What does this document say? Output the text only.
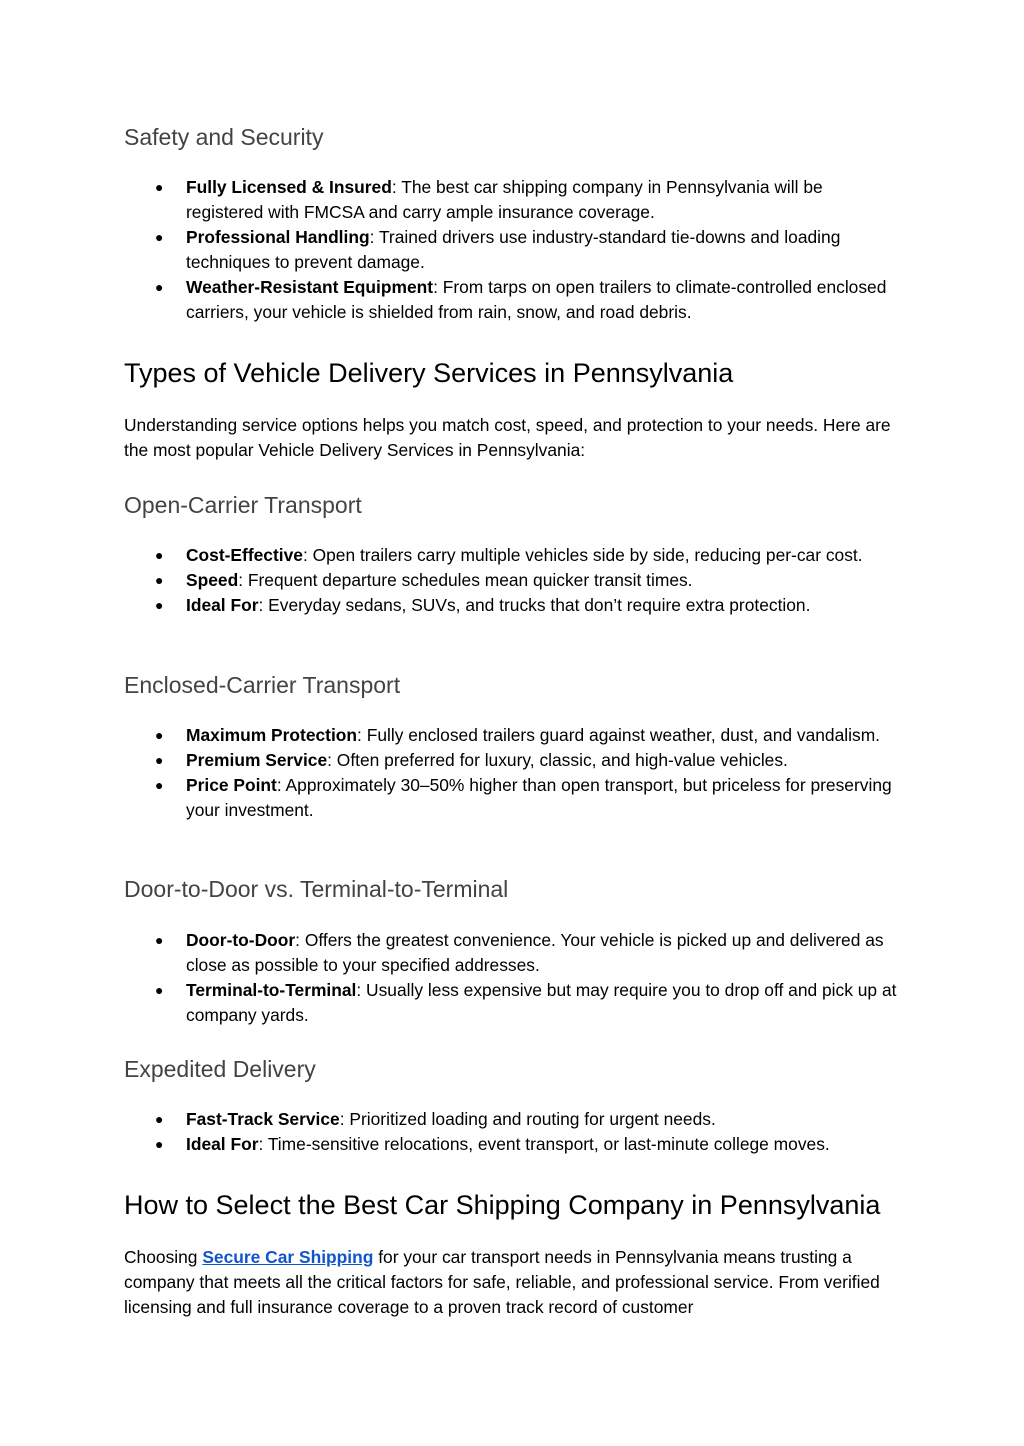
Safety and Security
● Fully Licensed & Insured: The best car shipping company in Pennsylvania will be registered with FMCSA and carry ample insurance coverage.
● Professional Handling: Trained drivers use industry‑standard tie‑downs and loading techniques to prevent damage.
● Weather‑Resistant Equipment: From tarps on open trailers to climate‑controlled enclosed carriers, your vehicle is shielded from rain, snow, and road debris.
Types of Vehicle Delivery Services in Pennsylvania

Understanding service options helps you match cost, speed, and protection to your needs. Here are the most popular Vehicle Delivery Services in Pennsylvania:

Open‑Carrier Transport
● Cost‑Effective: Open trailers carry multiple vehicles side by side, reducing per‑car cost.
● Speed: Frequent departure schedules mean quicker transit times.
● Ideal For: Everyday sedans, SUVs, and trucks that don’t require extra protection.
Enclosed‑Carrier Transport
● Maximum Protection: Fully enclosed trailers guard against weather, dust, and vandalism.
● Premium Service: Often preferred for luxury, classic, and high‑value vehicles.
● Price Point: Approximately 30–50% higher than open transport, but priceless for preserving your investment.
Door‑to‑Door vs. Terminal‑to‑Terminal
● Door‑to‑Door: Offers the greatest convenience. Your vehicle is picked up and delivered as close as possible to your specified addresses.
● Terminal‑to‑Terminal: Usually less expensive but may require you to drop off and pick up at company yards.
Expedited Delivery
● Fast‑Track Service: Prioritized loading and routing for urgent needs.
● Ideal For: Time‑sensitive relocations, event transport, or last‑minute college moves.
How to Select the Best Car Shipping Company in Pennsylvania

Choosing Secure Car Shipping for your car transport needs in Pennsylvania means trusting a company that meets all the critical factors for safe, reliable, and professional service. From verified licensing and full insurance coverage to a proven track record of customer
